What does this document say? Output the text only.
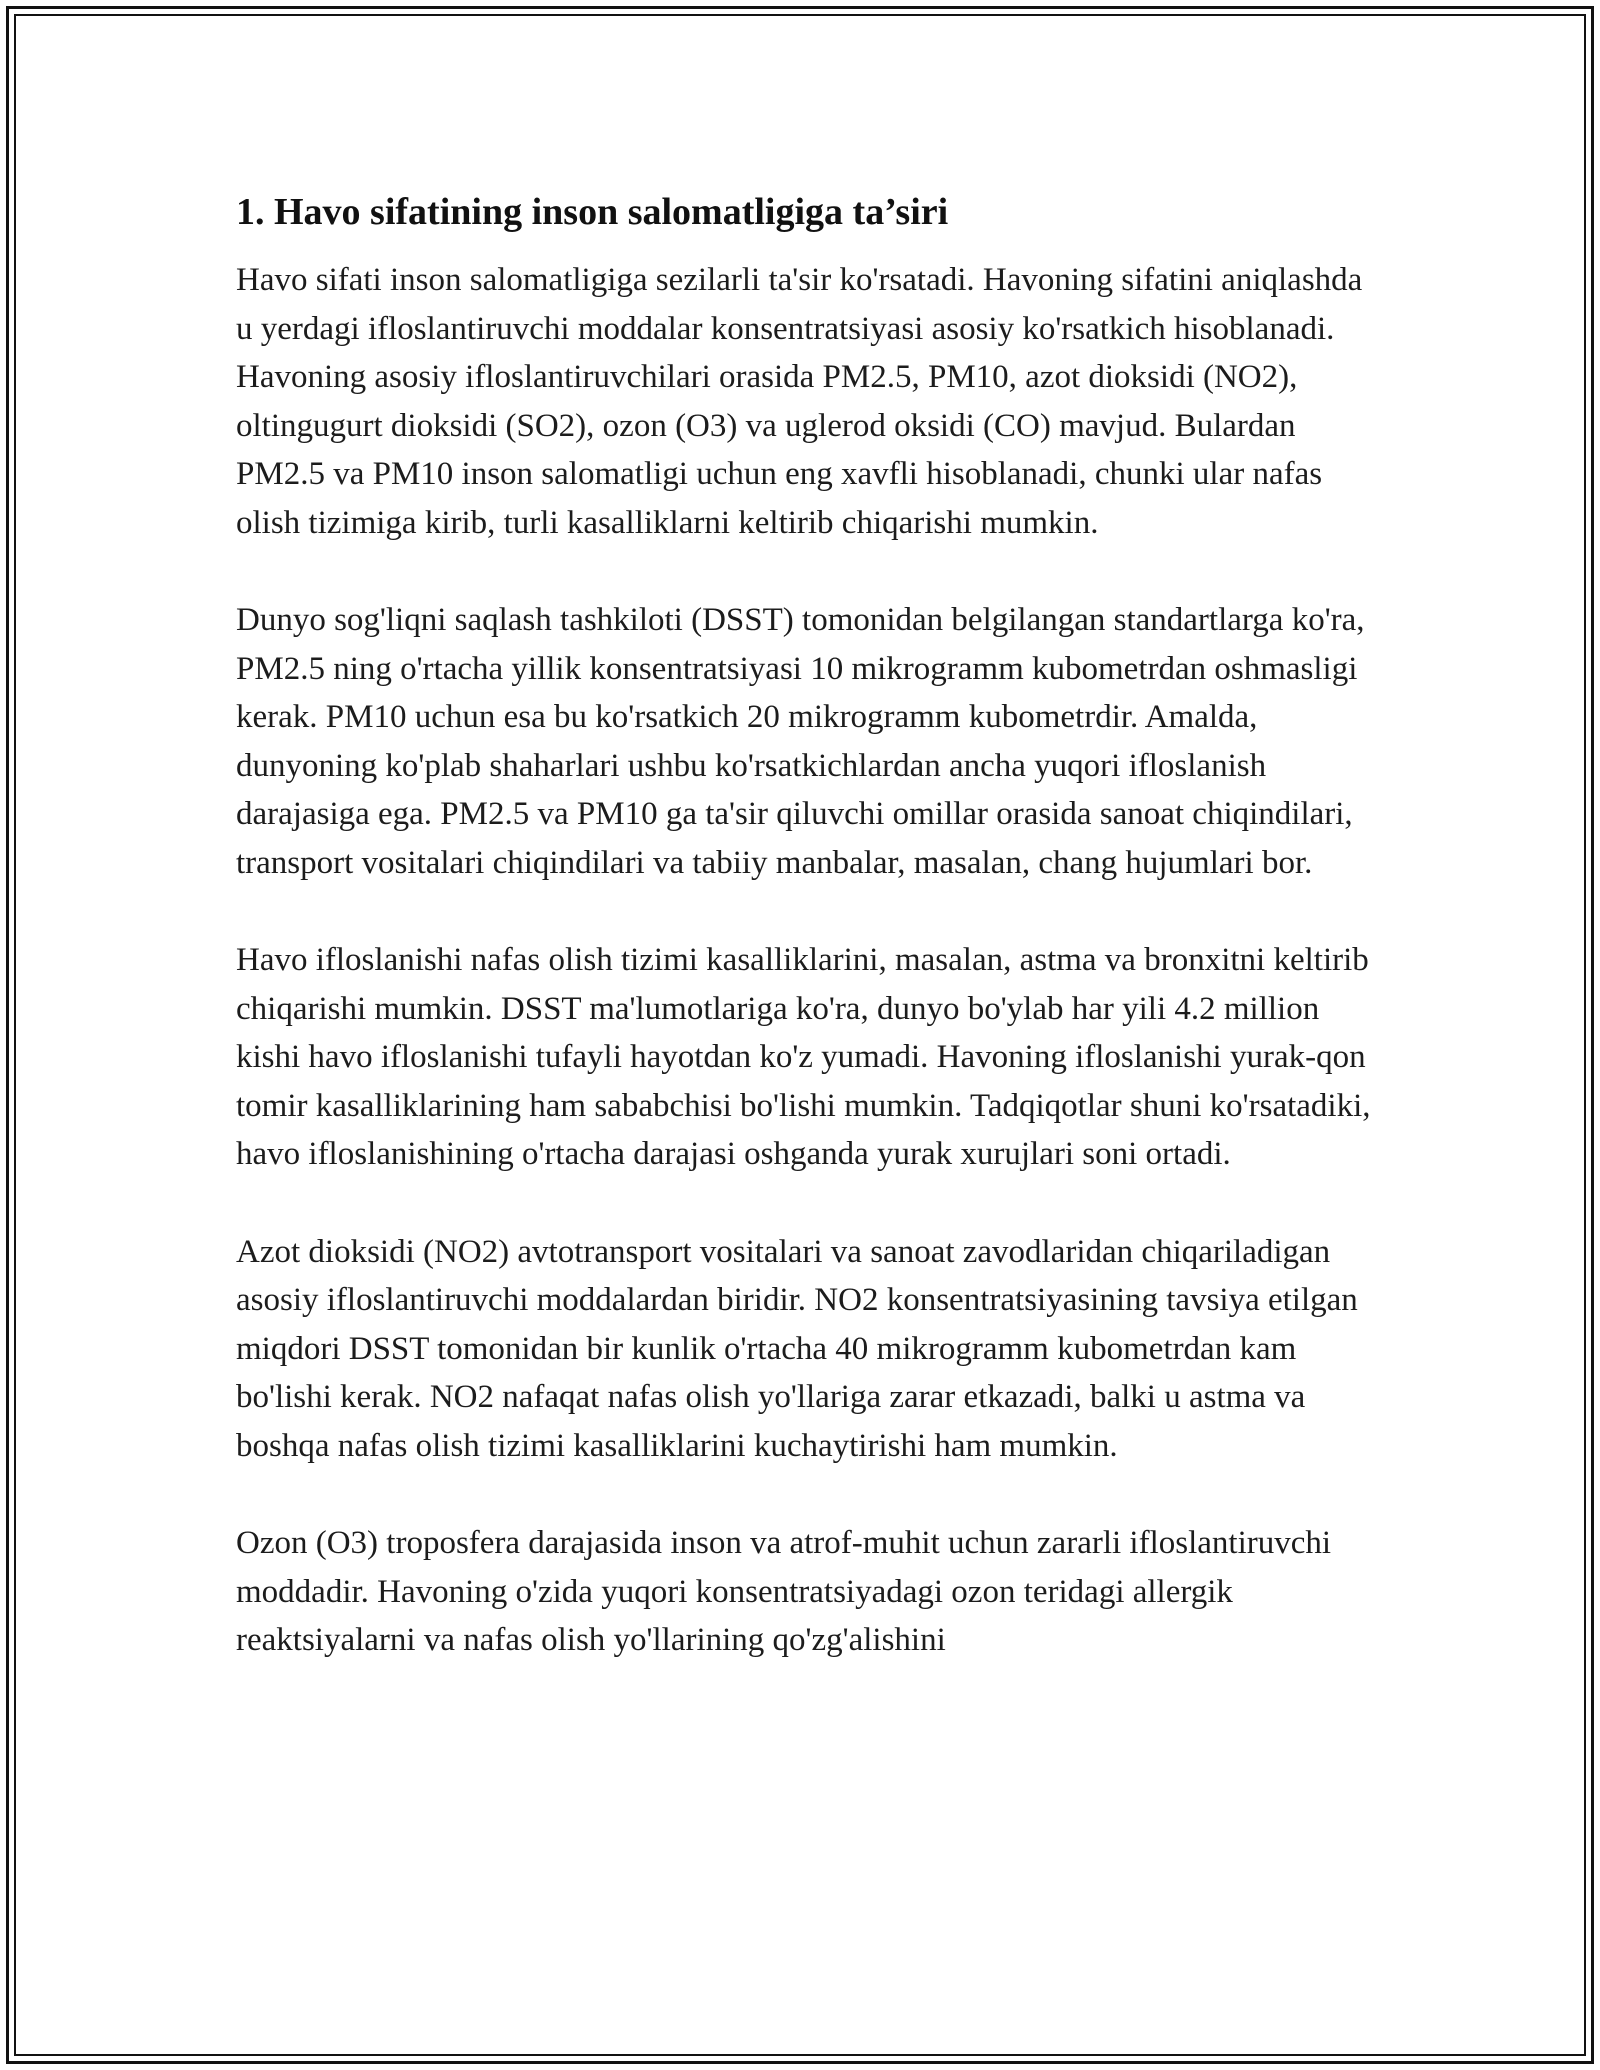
1. Havo sifatining inson salomatligiga ta’siri

Havo sifati inson salomatligiga sezilarli ta'sir ko'rsatadi. Havoning sifatini aniqlashda u yerdagi ifloslantiruvchi moddalar konsentratsiyasi asosiy ko'rsatkich hisoblanadi. Havoning asosiy ifloslantiruvchilari orasida PM2.5, PM10, azot dioksidi (NO2), oltingugurt dioksidi (SO2), ozon (O3) va uglerod oksidi (CO) mavjud. Bulardan PM2.5 va PM10 inson salomatligi uchun eng xavfli hisoblanadi, chunki ular nafas olish tizimiga kirib, turli kasalliklarni keltirib chiqarishi mumkin.

Dunyo sog'liqni saqlash tashkiloti (DSST) tomonidan belgilangan standartlarga ko'ra, PM2.5 ning o'rtacha yillik konsentratsiyasi 10 mikrogramm kubometrdan oshmasligi kerak. PM10 uchun esa bu ko'rsatkich 20 mikrogramm kubometrdir. Amalda, dunyoning ko'plab shaharlari ushbu ko'rsatkichlardan ancha yuqori ifloslanish darajasiga ega. PM2.5 va PM10 ga ta'sir qiluvchi omillar orasida sanoat chiqindilari, transport vositalari chiqindilari va tabiiy manbalar, masalan, chang hujumlari bor.

Havo ifloslanishi nafas olish tizimi kasalliklarini, masalan, astma va bronxitni keltirib chiqarishi mumkin. DSST ma'lumotlariga ko'ra, dunyo bo'ylab har yili 4.2 million kishi havo ifloslanishi tufayli hayotdan ko'z yumadi. Havoning ifloslanishi yurak-qon tomir kasalliklarining ham sababchisi bo'lishi mumkin. Tadqiqotlar shuni ko'rsatadiki, havo ifloslanishining o'rtacha darajasi oshganda yurak xurujlari soni ortadi.

Azot dioksidi (NO2) avtotransport vositalari va sanoat zavodlaridan chiqariladigan asosiy ifloslantiruvchi moddalardan biridir. NO2 konsentratsiyasining tavsiya etilgan miqdori DSST tomonidan bir kunlik o'rtacha 40 mikrogramm kubometrdan kam bo'lishi kerak. NO2 nafaqat nafas olish yo'llariga zarar etkazadi, balki u astma va boshqa nafas olish tizimi kasalliklarini kuchaytirishi ham mumkin.

Ozon (O3) troposfera darajasida inson va atrof-muhit uchun zararli ifloslantiruvchi moddadir. Havoning o'zida yuqori konsentratsiyadagi ozon teridagi allergik reaktsiyalarni va nafas olish yo'llarining qo'zg'alishini
